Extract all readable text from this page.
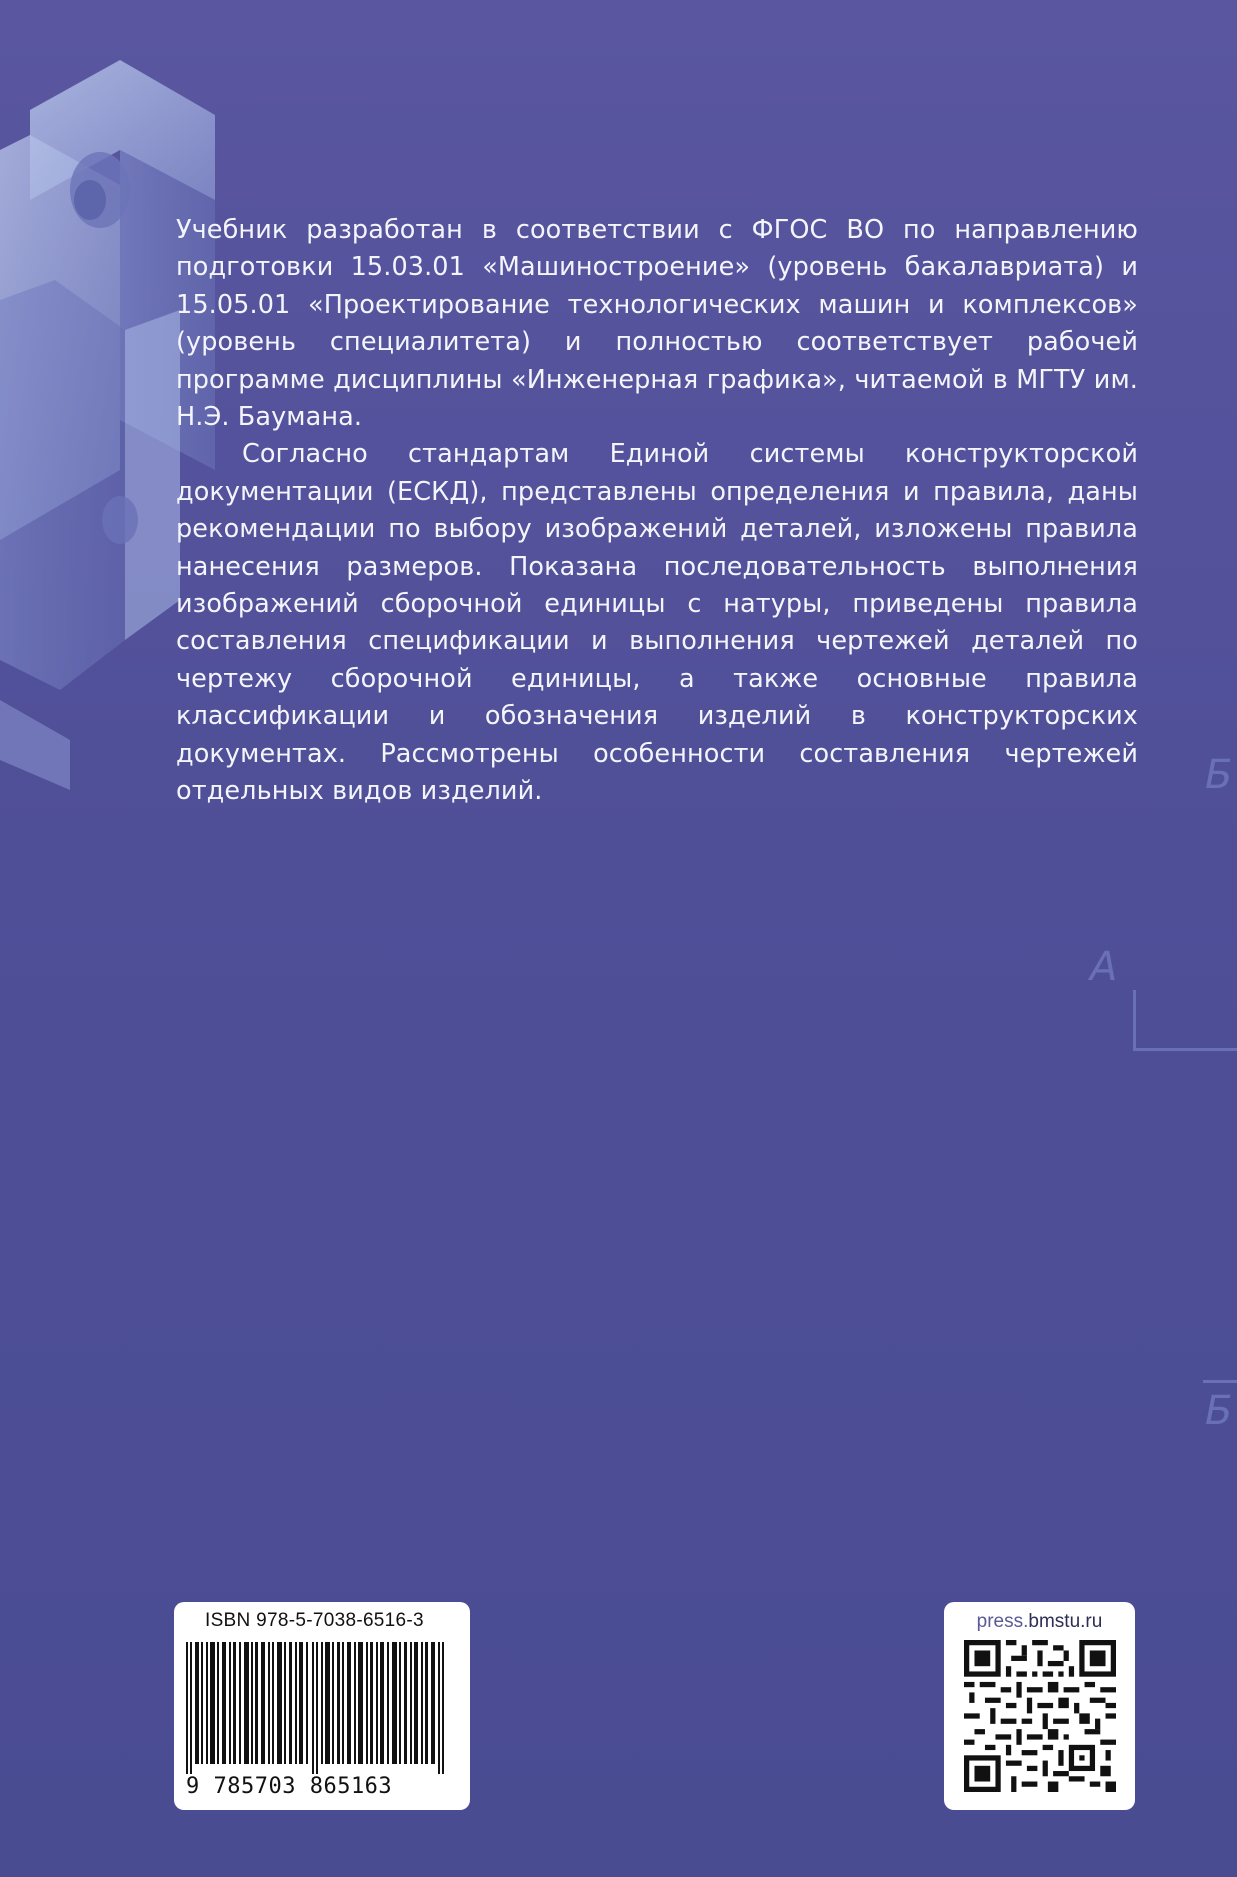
Учебник разработан в соответствии с ФГОС ВО по направлению подготовки 15.03.01 «Машиностроение» (уровень бакалавриата) и 15.05.01 «Проектирование технологических машин и комплексов» (уровень специалитета) и полностью соответствует рабочей программе дисциплины «Инженерная графика», читаемой в МГТУ им. Н.Э. Баумана.

Согласно стандартам Единой системы конструкторской документации (ЕСКД), представлены определения и правила, даны рекомендации по выбору изображений деталей, изложены правила нанесения размеров. Показана последовательность выполнения изображений сборочной единицы с натуры, приведены правила составления спецификации и выполнения чертежей деталей по чертежу сборочной единицы, а также основные правила классификации и обозначения изделий в конструкторских документах. Рассмотрены особенности составления чертежей отдельных видов изделий.	Б
А
Б
ISBN 978-5-7038-6516-3
9 785703 865163
press.bmstu.ru
